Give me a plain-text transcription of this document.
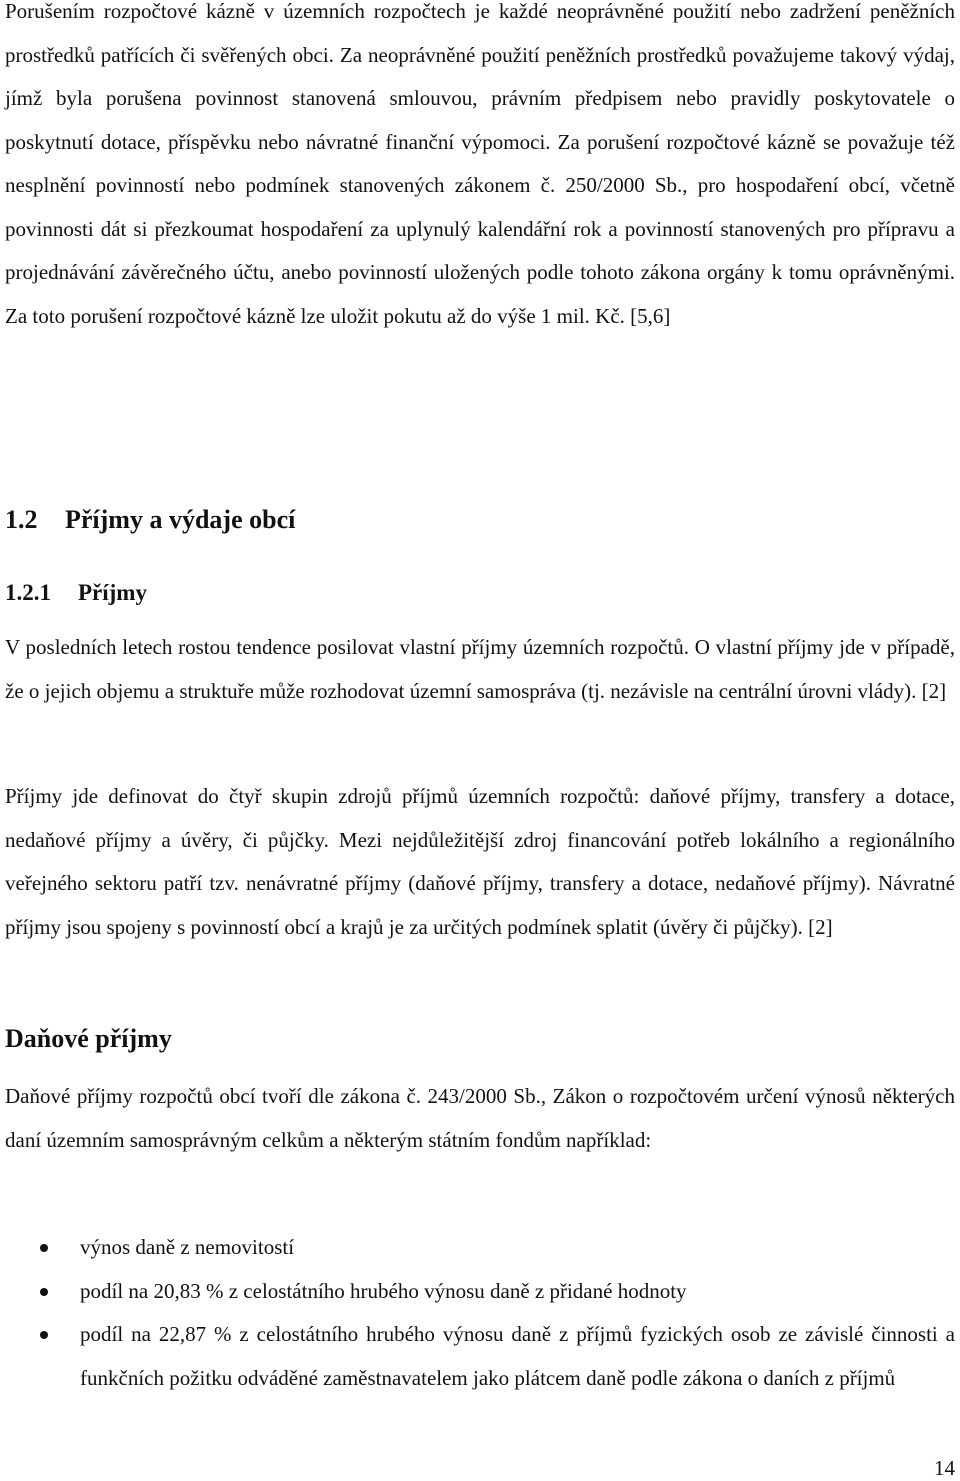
Porušením rozpočtové kázně v územních rozpočtech je každé neoprávněné použití nebo zadržení peněžních prostředků patřících či svěřených obci. Za neoprávněné použití peněžních prostředků považujeme takový výdaj, jímž byla porušena povinnost stanovená smlouvou, právním předpisem nebo pravidly poskytovatele o poskytnutí dotace, příspěvku nebo návratné finanční výpomoci. Za porušení rozpočtové kázně se považuje též nesplnění povinností nebo podmínek stanovených zákonem č. 250/2000 Sb., pro hospodaření obcí, včetně povinnosti dát si přezkoumat hospodaření za uplynulý kalendářní rok a povinností stanovených pro přípravu a projednávání závěrečného účtu, anebo povinností uložených podle tohoto zákona orgány k tomu oprávněnými. Za toto porušení rozpočtové kázně lze uložit pokutu až do výše 1 mil. Kč. [5,6]

1.2 Příjmy a výdaje obcí
1.2.1 Příjmy

V posledních letech rostou tendence posilovat vlastní příjmy územních rozpočtů. O vlastní příjmy jde v případě, že o jejich objemu a struktuře může rozhodovat územní samospráva (tj. nezávisle na centrální úrovni vlády). [2]

Příjmy jde definovat do čtyř skupin zdrojů příjmů územních rozpočtů: daňové příjmy, transfery a dotace, nedaňové příjmy a úvěry, či půjčky. Mezi nejdůležitější zdroj financování potřeb lokálního a regionálního veřejného sektoru patří tzv. nenávratné příjmy (daňové příjmy, transfery a dotace, nedaňové příjmy). Návratné příjmy jsou spojeny s povinností obcí a krajů je za určitých podmínek splatit (úvěry či půjčky). [2]

Daňové příjmy

Daňové příjmy rozpočtů obcí tvoří dle zákona č. 243/2000 Sb., Zákon o rozpočtovém určení výnosů některých daní územním samosprávným celkům a některým státním fondům například:

výnos daně z nemovitostí
podíl na 20,83 % z celostátního hrubého výnosu daně z přidané hodnoty
podíl na 22,87 % z celostátního hrubého výnosu daně z příjmů fyzických osob ze závislé činnosti a funkčních požitku odváděné zaměstnavatelem jako plátcem daně podle zákona o daních z příjmů
14
